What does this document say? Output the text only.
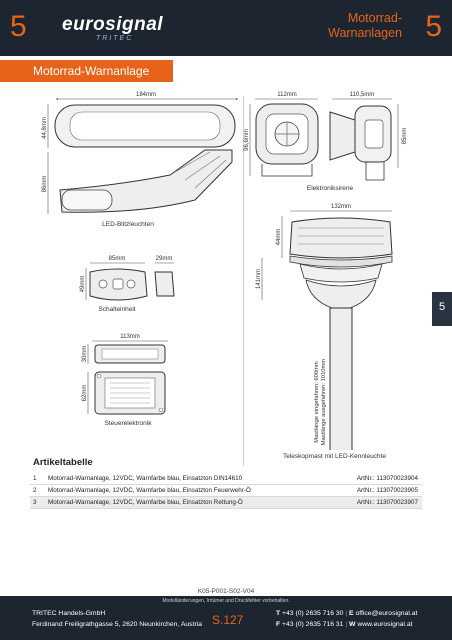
5 eurosignal
TRITEC
Motorrad-
Warnanlagen 5
Motorrad-Warnanlage
184mm
44,8mm
86mm
LED-Blitzleuchten
85mm	29mm
49mm
Schalteinheit
113mm
30mm
62mm
Steuerelektronik
112mm
96,6mm
110,5mm
85mm
Elektroniksirene
132mm
44mm
141mm
Mastlänge eingefahren: 600mm Mastlänge ausgefahren: 1010mm
Teleskopmast mit LED-Kennleuchte
5
Artikeltabelle
1 Motorrad-Warnanlage, 12VDC, Warnfarbe blau, Einsatzton DIN14610	ArtNr.: 113070023904
2 Motorrad-Warnanlage, 12VDC, Warnfarbe blau, Einsatzton Feuerwehr-Ö	ArtNr.: 113070023905
3 Motorrad-Warnanlage, 12VDC, Warnfarbe blau, Einsatzton Rettung-Ö	ArtNr.: 113070023907
K05-P001-S02-V04
Modelländerungen, Irrtümer und Druckfehler vorbehalten.
TRITEC Handels-GmbH
Ferdinand Freiligrathgasse 5, 2620 Neunkirchen, Austria S.127	T +43 (0) 2635 716 30 | E office@eurosignal.at
F +43 (0) 2635 716 31 | W www.eurosignal.at
